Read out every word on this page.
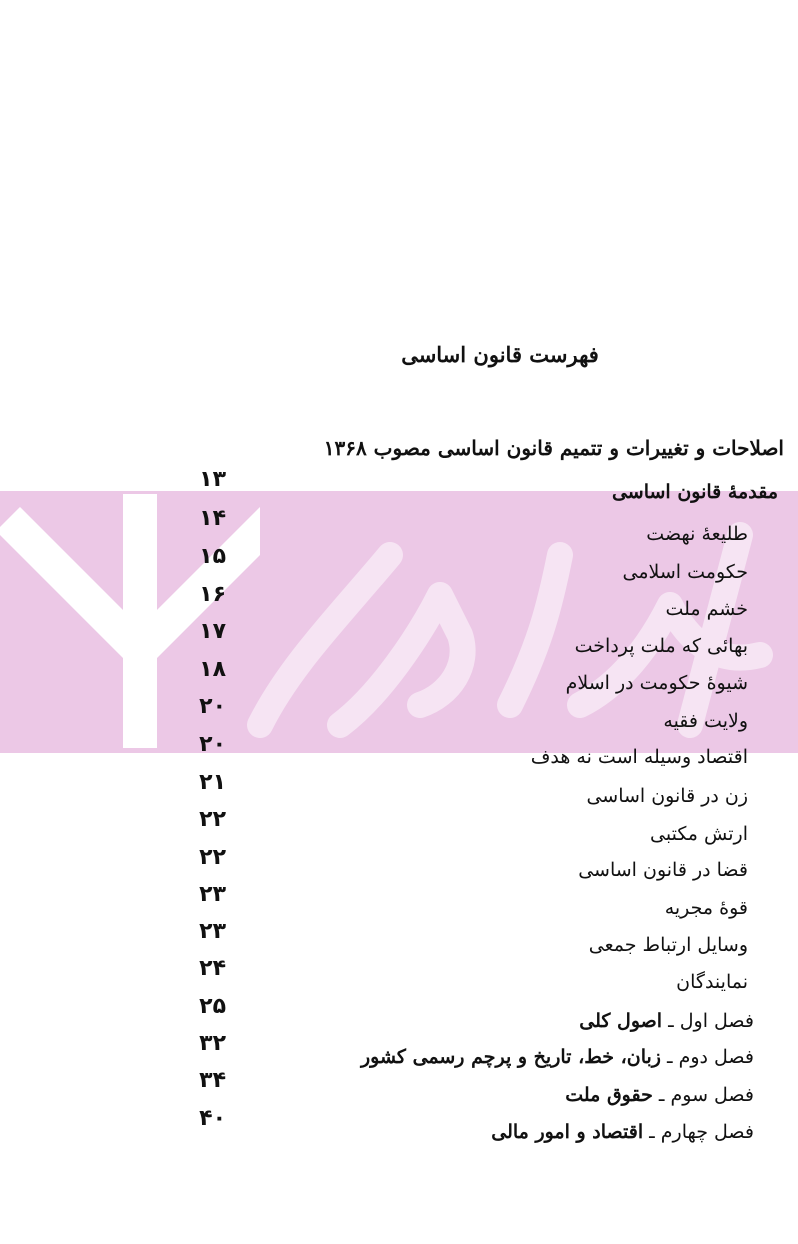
فهرست قانون اساسی
اصلاحات و تغییرات و تتمیم قانون اساسی مصوب ۱۳۶۸
مقدمهٔ قانون اساسی
طلیعهٔ نهضت
حکومت اسلامی
خشم ملت
بهائی که ملت پرداخت
شیوهٔ حکومت در اسلام
ولایت فقیه
اقتصاد وسیله است نه هدف
زن در قانون اساسی
ارتش مکتبی
قضا در قانون اساسی
قوهٔ مجریه
وسایل ارتباط جمعی
نمایندگان
فصل اول ـ اصول کلی
فصل دوم ـ زبان، خط، تاریخ و پرچم رسمی کشور
فصل سوم ـ حقوق ملت
فصل چهارم ـ اقتصاد و امور مالی
۱۳
۱۴
۱۵
۱۶
۱۷
۱۸
۲۰
۲۰
۲۱
۲۲
۲۲
۲۳
۲۳
۲۴
۲۵
۳۲
۳۴
۴۰
